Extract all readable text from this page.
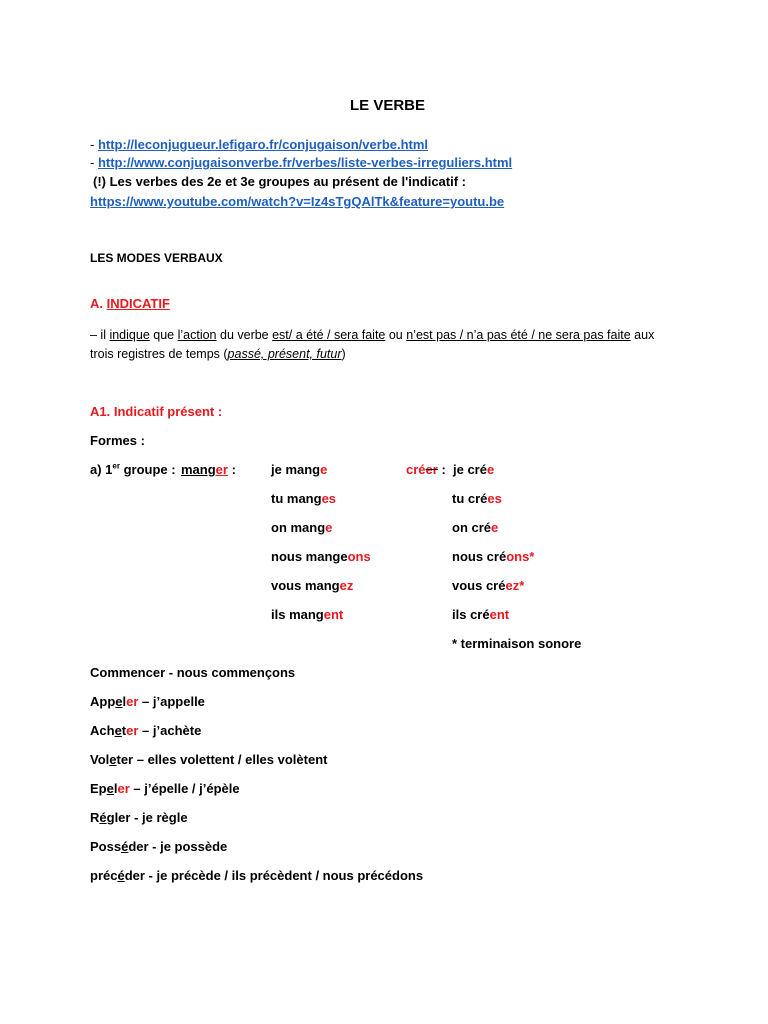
LE VERBE
- http://leconjugueur.lefigaro.fr/conjugaison/verbe.html
- http://www.conjugaisonverbe.fr/verbes/liste-verbes-irreguliers.html
(!) Les verbes des 2e et 3e groupes au présent de l'indicatif :
https://www.youtube.com/watch?v=Iz4sTgQAlTk&feature=youtu.be
LES MODES VERBAUX
A. INDICATIF
– il indique que l’action du verbe est/ a été / sera faite ou n’est pas / n’a pas été / ne sera pas faite aux
trois registres de temps (passé, présent, futur)
A1. Indicatif présent :
Formes :
a) 1er groupe : manger :	créer :
je mange
tu manges
on mange
nous mangeons
vous mangez
ils mangent
je crée
tu crées
on crée
nous créons*
vous créez*
ils créent
* terminaison sonore
Commencer - nous commençons
Appeler – j’appelle
Acheter – j’achète
Voleter – elles volettent / elles volètent
Epeler – j’épelle / j’épèle
Régler - je règle
Posséder - je possède
précéder - je précède / ils précèdent / nous précédons
